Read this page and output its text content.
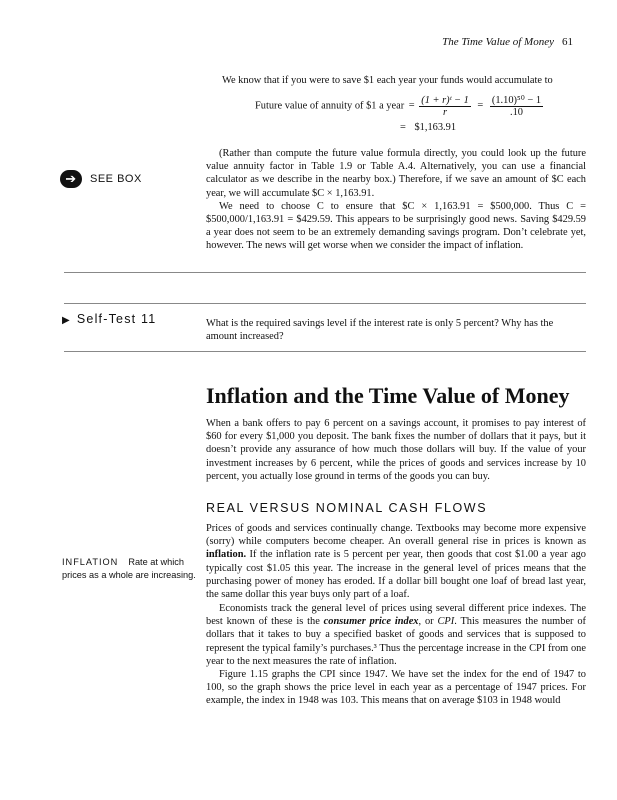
The Time Value of Money 61
We know that if you were to save $1 each year your funds would accumulate to
Future value of annuity of $1 a year = $\frac{\text{(1 + r)ᵗ − 1}}{r} = \frac{\text{(1.10)⁵⁰ − 1}}{.10}$
= $1,163.91
➔ SEE BOX
(Rather than compute the future value formula directly, you could look up the future value annuity factor in Table 1.9 or Table A.4. Alternatively, you can use a financial calculator as we describe in the nearby box.) Therefore, if we save an amount of $C each year, we will accumulate $C × 1,163.91.
We need to choose C to ensure that $C × 1,163.91 = $500,000. Thus C = $500,000/1,163.91 = $429.59. This appears to be surprisingly good news. Saving $429.59 a year does not seem to be an extremely demanding savings program. Don’t celebrate yet, however. The news will get worse when we consider the impact of inflation.
▶ Self-Test 11	What is the required savings level if the interest rate is only 5 percent? Why has the amount increased?
Inflation and the Time Value of Money
When a bank offers to pay 6 percent on a savings account, it promises to pay interest of $60 for every $1,000 you deposit. The bank fixes the number of dollars that it pays, but it doesn’t provide any assurance of how much those dollars will buy. If the value of your investment increases by 6 percent, while the prices of goods and services increase by 10 percent, you actually lose ground in terms of the goods you can buy.
REAL VERSUS NOMINAL CASH FLOWS
INFLATION Rate at which prices as a whole are increasing.
Prices of goods and services continually change. Textbooks may become more expensive (sorry) while computers become cheaper. An overall general rise in prices is known as inflation. If the inflation rate is 5 percent per year, then goods that cost $1.00 a year ago typically cost $1.05 this year. The increase in the general level of prices means that the purchasing power of money has eroded. If a dollar bill bought one loaf of bread last year, the same dollar this year buys only part of a loaf.
Economists track the general level of prices using several different price indexes. The best known of these is the consumer price index, or CPI. This measures the number of dollars that it takes to buy a specified basket of goods and services that is supposed to represent the typical family’s purchases.³ Thus the percentage increase in the CPI from one year to the next measures the rate of inflation.
Figure 1.15 graphs the CPI since 1947. We have set the index for the end of 1947 to 100, so the graph shows the price level in each year as a percentage of 1947 prices. For example, the index in 1948 was 103. This means that on average $103 in 1948 would
